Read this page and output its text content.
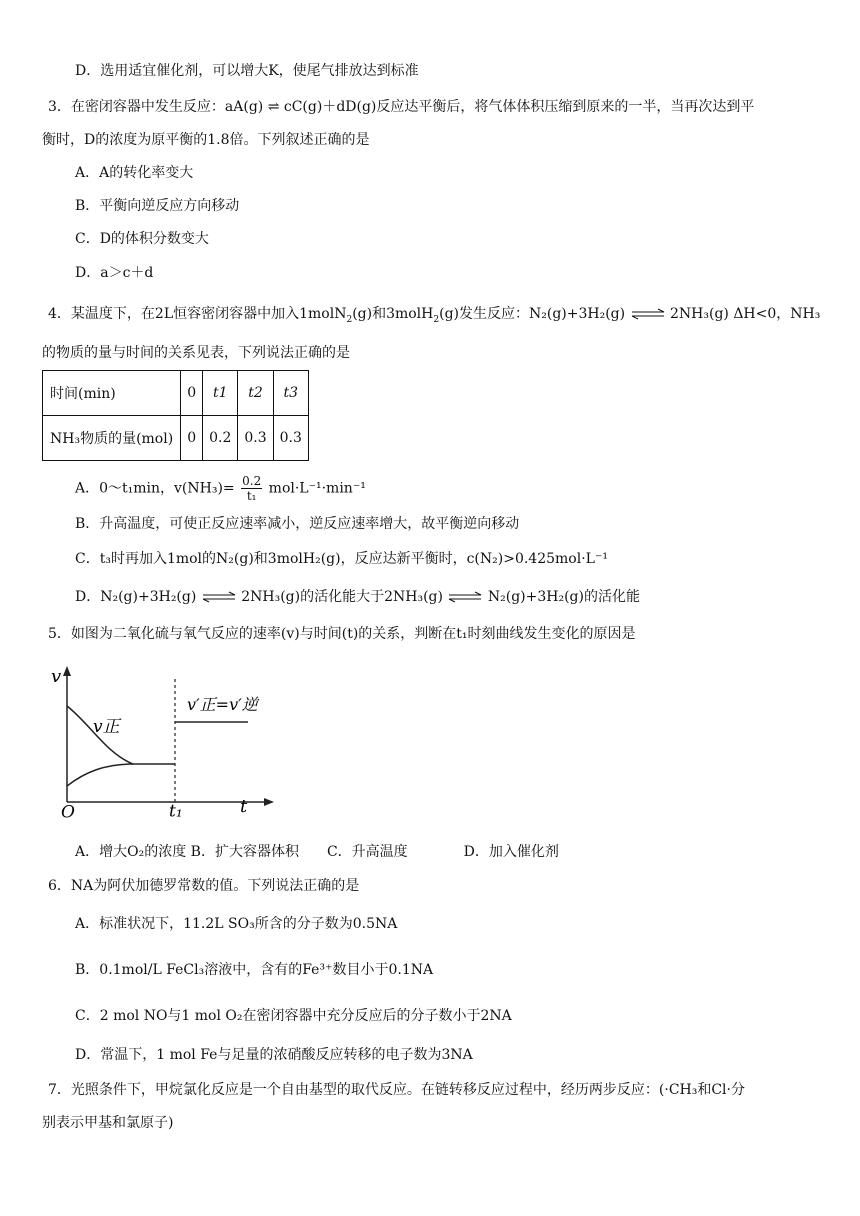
D．选用适宜催化剂，可以增大K，使尾气排放达到标准
3．在密闭容器中发生反应：aA(g) ⇌ cC(g)＋dD(g)反应达平衡后，将气体体积压缩到原来的一半，当再次达到平
衡时，D的浓度为原平衡的1.8倍。下列叙述正确的是
A．A的转化率变大
B．平衡向逆反应方向移动
C．D的体积分数变大
D．a＞c＋d
4．某温度下，在2L恒容密闭容器中加入1molN$_2$(g)和3molH$_2$(g)发生反应：N₂(g)+3H₂(g) ⇌ 2NH₃(g) ΔH<0，NH₃
的物质的量与时间的关系见表，下列说法正确的是
时间(min)	0	t1	t2	t3
NH₃物质的量(mol)	0	0.2	0.3	0.3
A．0～t₁min，$v(NH_3)= \frac{0.2}{\text{t₁}} mol\cdot L^{-1}\cdot\min^{-1}$
B．升高温度，可使正反应速率减小，逆反应速率增大，故平衡逆向移动
C．t₃时再加入1mol的N₂(g)和3molH₂(g)，反应达新平衡时，c(N₂)>0.425mol·L⁻¹
D．N₂(g)+3H₂(g) ⇌ 2NH₃(g)的活化能大于2NH₃(g) ⇌ N₂(g)+3H₂(g)的活化能
5．如图为二氧化硫与氧气反应的速率(v)与时间(t)的关系，判断在t₁时刻曲线发生变化的原因是
v
t
O
v正
v′正=v′逆
t₁
A．增大O₂的浓度 B．扩大容器体积　　C．升高温度　　　　D．加入催化剂
6．NA为阿伏加德罗常数的值。下列说法正确的是
A．标准状况下，11.2L SO₃所含的分子数为0.5NA
B．0.1mol/L FeCl₃溶液中，含有的Fe³⁺数目小于0.1NA
C．2 mol NO与1 mol O₂在密闭容器中充分反应后的分子数小于2NA
D．常温下，1 mol Fe与足量的浓硝酸反应转移的电子数为3NA
7．光照条件下，甲烷氯化反应是一个自由基型的取代反应。在链转移反应过程中，经历两步反应：(·CH₃和Cl·分
别表示甲基和氯原子)
